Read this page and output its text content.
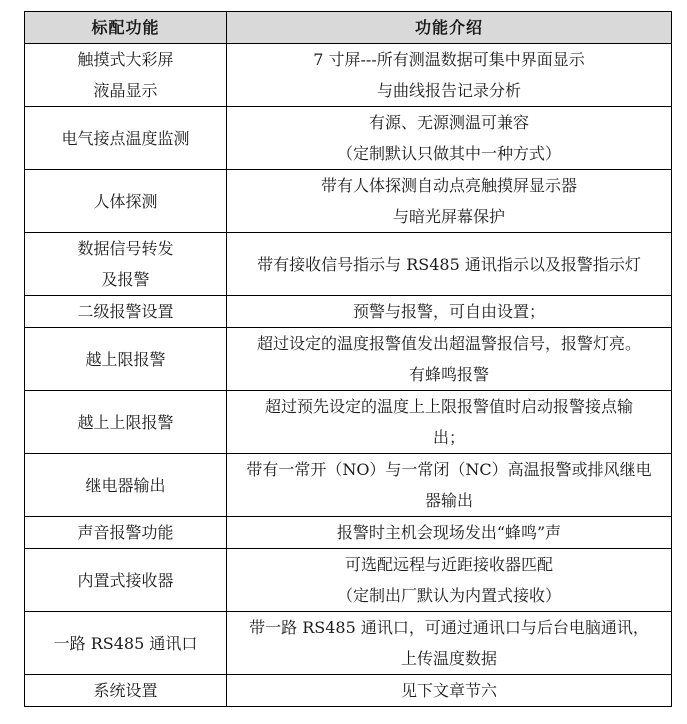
标配功能	功能介绍

触摸式大彩屏
液晶显示	7 寸屏---所有测温数据可集中界面显示
与曲线报告记录分析

电气接点温度监测	有源、无源测温可兼容
（定制默认只做其中一种方式）

人体探测	带有人体探测自动点亮触摸屏显示器
与暗光屏幕保护

数据信号转发
及报警	带有接收信号指示与 RS485 通讯指示以及报警指示灯

二级报警设置	预警与报警，可自由设置；

越上限报警	超过设定的温度报警值发出超温警报信号，报警灯亮。
有蜂鸣报警

越上上限报警	超过预先设定的温度上上限报警值时启动报警接点输
出；

继电器输出	带有一常开（NO）与一常闭（NC）高温报警或排风继电
器输出

声音报警功能	报警时主机会现场发出“蜂鸣”声

内置式接收器	可选配远程与近距接收器匹配
（定制出厂默认为内置式接收）

一路 RS485 通讯口	带一路 RS485 通讯口，可通过通讯口与后台电脑通讯，
上传温度数据

系统设置	见下文章节六
